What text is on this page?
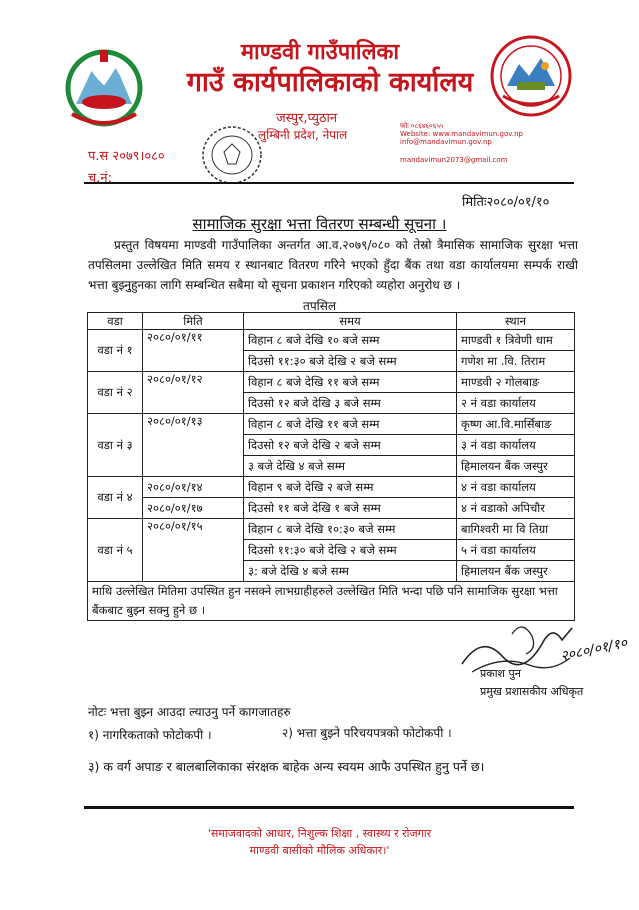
माण्डवी गाउँपालिका
गाउँ कार्यपालिकाको कार्यालय
जस्पुर,प्युठान
लुम्बिनी प्रदेश, नेपाल
फोः ०८६४६०६५५
Website: www.mandavimun.gov.np
info@mandavimun.gov.np
mandavimun2073@gmail.com
प.स २०७९।०८०
च.नं:
मितिः२०८०/०१/१०
सामाजिक सुरक्षा भत्ता वितरण सम्बन्धी सूचना ।
प्रस्तुत विषयमा माण्डवी गाउँपालिका अन्तर्गत आ.व.२०७९/०८० को तेस्रो त्रैमासिक सामाजिक सुरक्षा भत्ता तपसिलमा उल्लेखित मिति समय र स्थानबाट वितरण गरिने भएको हुँदा बैंक तथा वडा कार्यालयमा सम्पर्क राखी भत्ता बुझ्नुहुनका लागि सम्बन्धित सबैमा यो सूचना प्रकाशन गरिएको व्यहोरा अनुरोध छ ।
तपसिल
वडा	मिति	समय	स्थान
वडा नं १	२०८०/०१/११	विहान ८ बजे देखि १० बजे सम्म	माण्डवी १ त्रिवेणी धाम
		दिउसो ११:३० बजे देखि २ बजे सम्म	गणेश मा .वि. तिराम
वडा नं २	२०८०/०१/१२	विहान ८ बजे देखि ११ बजे सम्म	माण्डवी २ गोलबाङ
		दिउसो १२ बजे देखि ३ बजे सम्म	२ नं वडा कार्यालय
वडा नं ३	२०८०/०१/१३	विहान ८ बजे देखि ११ बजे सम्म	कृष्ण आ.वि.मार्सिबाङ
		दिउसो १२ बजे देखि २ बजे सम्म	३ नं वडा कार्यालय
		३ बजे देखि ४ बजे सम्म	हिमालयन बैंक जस्पुर
वडा नं ४	२०८०/०१/१४	विहान ९ बजे देखि २ बजे सम्म	४ नं वडा कार्यालय
	२०८०/०१/१७	दिउसो ११ बजे देखि १ बजे सम्म	४ नं वडाको अपिचौर
वडा नं ५	२०८०/०१/१५	विहान ८ बजे देखि १०:३० बजे सम्म	बागिश्वरी मा वि तिग्रा
		दिउसो ११:३० बजे देखि २ बजे सम्म	५ नं वडा कार्यालय
		३: बजे देखि ४ बजे सम्म	हिमालयन बैंक जस्पुर
माथि उल्लेखित मितिमा उपस्थित हुन नसक्ने लाभग्राहीहरुले उल्लेखित मिति भन्दा पछि पनि सामाजिक सुरक्षा भत्ता बैंकबाट बुझ्न सक्नु हुने छ ।			
२०८०/०१/१०
प्रकाश पुन
प्रमुख प्रशासकीय अधिकृत
नोटः भत्ता बुझ्न आउदा ल्याउनु पर्ने कागजातहरु
१) नागरिकताको फोटोकपी ।	२) भत्ता बुझ्ने परिचयपत्रको फोटोकपी ।
३) क वर्ग अपाङ र बालबालिकाका संरक्षक बाहेक अन्य स्वयम आफै उपस्थित हुनु पर्ने छ।
'समाजवादको आधार, निशुल्क शिक्षा , स्वास्थ्य र रोजगार
माण्डवी बासीको मौलिक अधिकार।'
